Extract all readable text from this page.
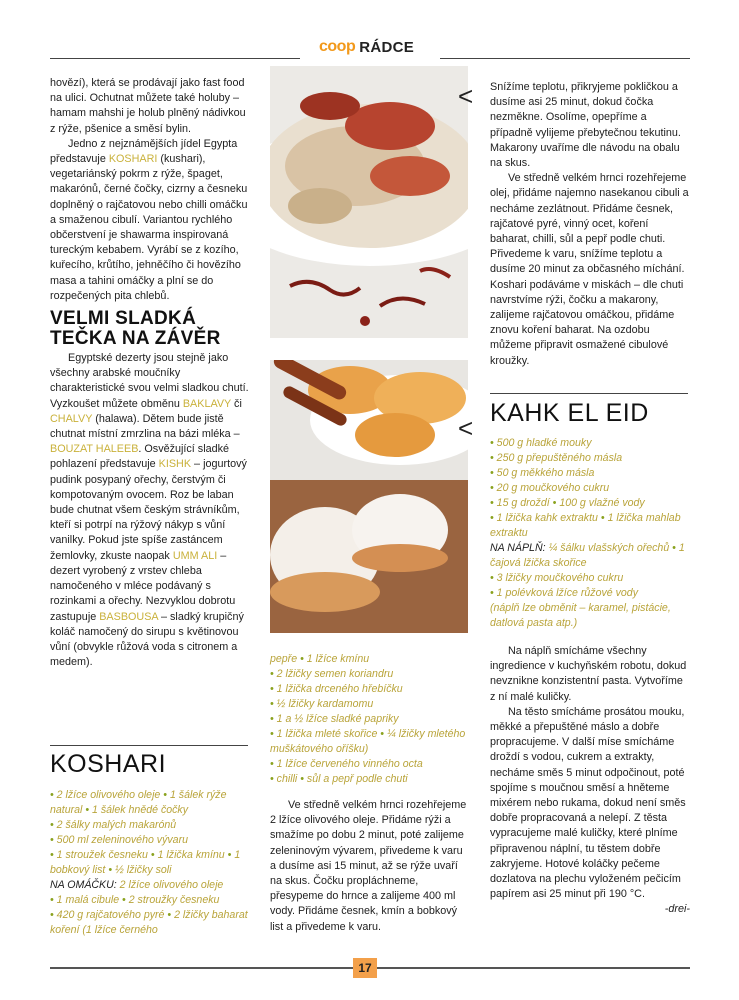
coop RÁDCE

hovězí), která se prodávají jako fast food na ulici. Ochutnat můžete také holuby – hamam mahshi je holub plněný nádivkou z rýže, pšenice a směsí bylin.

Jedno z nejznámějších jídel Egypta představuje KOSHARI (kushari), vegetariánský pokrm z rýže, špaget, makarónů, černé čočky, cizrny a česneku doplněný o rajčatovou nebo chilli omáčku a smaženou cibulí. Variantou rychlého občerstvení je shawarma inspirovaná tureckým kebabem. Vyrábí se z kozího, kuřecího, krůtího, jehněčího či hovězího masa a tahini omáčky a plní se do rozpečených pita chlebů.

VELMI SLADKÁ
TEČKA NA ZÁVĚR

Egyptské dezerty jsou stejně jako všechny arabské moučníky charakteristické svou velmi sladkou chutí. Vyzkoušet můžete obměnu BAKLAVY či CHALVY (halawa). Dětem bude jistě chutnat místní zmrzlina na bázi mléka – BOUZAT HALEEB. Osvěžující sladké pohlazení představuje KISHK – jogurtový pudink posypaný ořechy, čerstvým či kompotovaným ovocem. Roz be laban bude chutnat všem českým strávníkům, kteří si potrpí na rýžový nákyp s vůní vanilky. Pokud jste spíše zastáncem žemlovky, zkuste naopak UMM ALI – dezert vyrobený z vrstev chleba namočeného v mléce podávaný s rozinkami a ořechy. Nezvyklou dobrotu zastupuje BASBOUSA – sladký krupičný koláč namočený do sirupu s květinovou vůní (obvykle růžová voda s citronem a medem).

KOSHARI
• 2 lžíce olivového oleje • 1 šálek rýže natural • 1 šálek hnědé čočky
• 2 šálky malých makarónů
• 500 ml zeleninového vývaru
• 1 stroužek česneku • 1 lžička kmínu • 1 bobkový list • ½ lžičky soli
NA OMÁČKU: 2 lžíce olivového oleje
• 1 malá cibule • 2 stroužky česneku
• 420 g rajčatového pyré • 2 lžičky baharat koření (1 lžíce černého
<
<
pepře • 1 lžíce kmínu
• 2 lžičky semen koriandru
• 1 lžička drceného hřebíčku
• ½ lžičky kardamomu
• 1 a ½ lžíce sladké papriky
• 1 lžička mleté skořice • ¼ lžičky mletého muškátového oříšku)
• 1 lžíce červeného vinného octa
• chilli • sůl a pepř podle chuti

Ve středně velkém hrnci rozehřejeme 2 lžíce olivového oleje. Přidáme rýži a smažíme po dobu 2 minut, poté zalijeme zeleninovým vývarem, přivedeme k varu a dusíme asi 15 minut, až se rýže uvaří na skus. Čočku propláchneme, přesypeme do hrnce a zalijeme 400 ml vody. Přidáme česnek, kmín a bobkový list a přivedeme k varu.

Snížíme teplotu, přikryjeme pokličkou a dusíme asi 25 minut, dokud čočka nezměkne. Osolíme, opepříme a případně vylijeme přebytečnou tekutinu. Makarony uvaříme dle návodu na obalu na skus.

Ve středně velkém hrnci rozehřejeme olej, přidáme najemno nasekanou cibuli a necháme zezlátnout. Přidáme česnek, rajčatové pyré, vinný ocet, koření baharat, chilli, sůl a pepř podle chuti. Přivedeme k varu, snížíme teplotu a dusíme 20 minut za občasného míchání. Koshari podáváme v miskách – dle chuti navrstvíme rýži, čočku a makarony, zalijeme rajčatovou omáčkou, přidáme znovu koření baharat. Na ozdobu můžeme připravit osmažené cibulové kroužky.

KAHK EL EID
• 500 g hladké mouky
• 250 g přepuštěného másla
• 50 g měkkého másla
• 20 g moučkového cukru
• 15 g droždí • 100 g vlažné vody
• 1 lžička kahk extraktu • 1 lžička mahlab extraktu
NA NÁPLŇ: ¼ šálku vlašských ořechů • 1 čajová lžička skořice
• 3 lžičky moučkového cukru
• 1 polévková lžíce růžové vody
(náplň lze obměnit – karamel, pistácie, datlová pasta atp.)

Na náplň smícháme všechny ingredience v kuchyňském robotu, dokud nevznikne konzistentní pasta. Vytvoříme z ní malé kuličky.

Na těsto smícháme prosátou mouku, měkké a přepuštěné máslo a dobře propracujeme. V další míse smícháme droždí s vodou, cukrem a extrakty, necháme směs 5 minut odpočinout, poté spojíme s moučnou směsí a hněteme mixérem nebo rukama, dokud není směs dobře propracovaná a nelepí. Z těsta vypracujeme malé kuličky, které plníme připravenou náplní, tu těstem dobře zakryjeme. Hotové koláčky pečeme dozlatova na plechu vyloženém pečicím papírem asi 25 minut při 190 °C.

-drei-

17
